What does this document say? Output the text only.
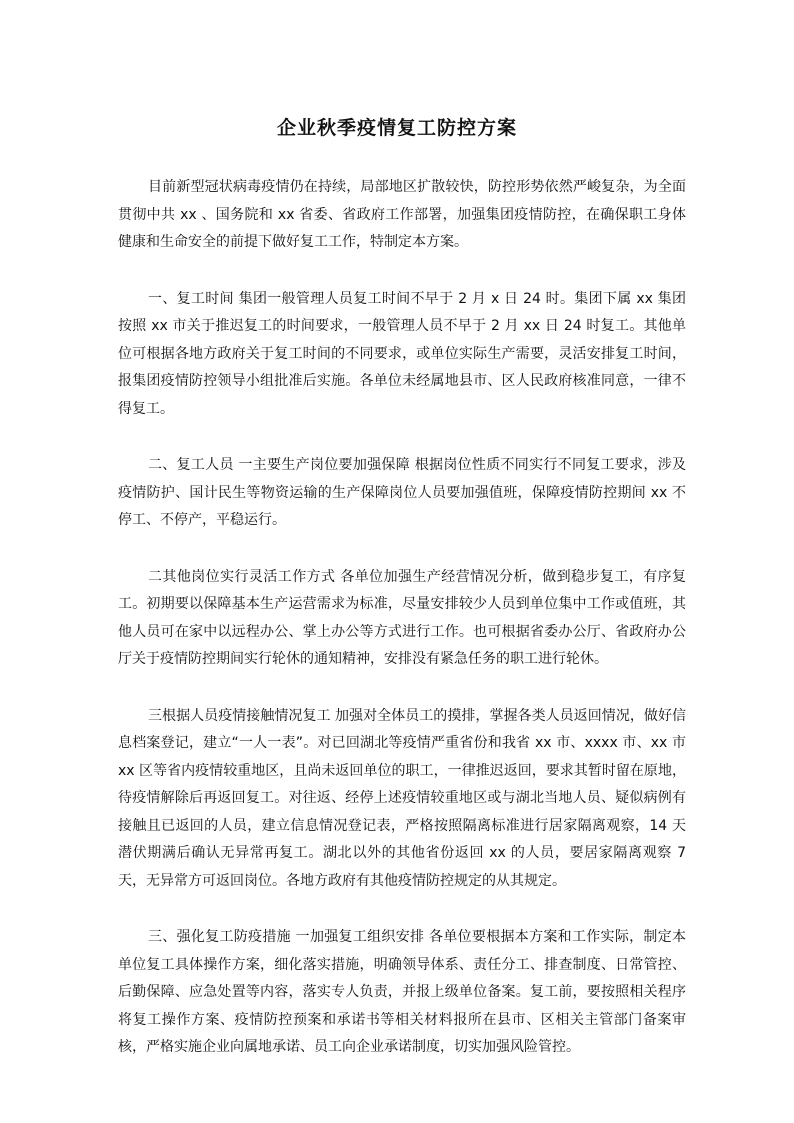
企业秋季疫情复工防控方案

目前新型冠状病毒疫情仍在持续，局部地区扩散较快，防控形势依然严峻复杂，为全面贯彻中共 xx 、国务院和 xx 省委、省政府工作部署，加强集团疫情防控，在确保职工身体健康和生命安全的前提下做好复工工作，特制定本方案。

一、复工时间 集团一般管理人员复工时间不早于 2 月 x 日 24 时。集团下属 xx 集团按照 xx 市关于推迟复工的时间要求，一般管理人员不早于 2 月 xx 日 24 时复工。其他单位可根据各地方政府关于复工时间的不同要求，或单位实际生产需要，灵活安排复工时间，报集团疫情防控领导小组批准后实施。各单位未经属地县市、区人民政府核准同意，一律不得复工。

二、复工人员 一主要生产岗位要加强保障 根据岗位性质不同实行不同复工要求，涉及疫情防护、国计民生等物资运输的生产保障岗位人员要加强值班，保障疫情防控期间 xx 不停工、不停产，平稳运行。

二其他岗位实行灵活工作方式 各单位加强生产经营情况分析，做到稳步复工，有序复工。初期要以保障基本生产运营需求为标准，尽量安排较少人员到单位集中工作或值班，其他人员可在家中以远程办公、掌上办公等方式进行工作。也可根据省委办公厅、省政府办公厅关于疫情防控期间实行轮休的通知精神，安排没有紧急任务的职工进行轮休。

三根据人员疫情接触情况复工 加强对全体员工的摸排，掌握各类人员返回情况，做好信息档案登记，建立“一人一表”。对已回湖北等疫情严重省份和我省 xx 市、xxxx 市、xx 市 xx 区等省内疫情较重地区，且尚未返回单位的职工，一律推迟返回，要求其暂时留在原地，待疫情解除后再返回复工。对往返、经停上述疫情较重地区或与湖北当地人员、疑似病例有接触且已返回的人员，建立信息情况登记表，严格按照隔离标准进行居家隔离观察，14 天潜伏期满后确认无异常再复工。湖北以外的其他省份返回 xx 的人员，要居家隔离观察 7 天，无异常方可返回岗位。各地方政府有其他疫情防控规定的从其规定。

三、强化复工防疫措施 一加强复工组织安排 各单位要根据本方案和工作实际，制定本单位复工具体操作方案，细化落实措施，明确领导体系、责任分工、排查制度、日常管控、后勤保障、应急处置等内容，落实专人负责，并报上级单位备案。复工前，要按照相关程序将复工操作方案、疫情防控预案和承诺书等相关材料报所在县市、区相关主管部门备案审核，严格实施企业向属地承诺、员工向企业承诺制度，切实加强风险管控。
